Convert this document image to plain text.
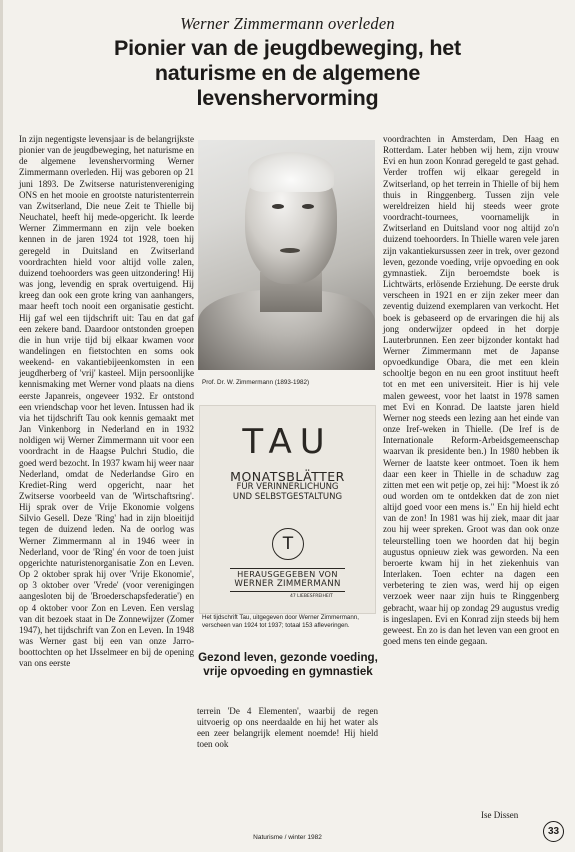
Werner Zimmermann overleden
Pionier van de jeugdbeweging, het
naturisme en de algemene
levenshervorming

In zijn negentigste levensjaar is de belangrijkste pionier van de jeugdbeweging, het naturisme en de algemene levenshervorming Werner Zimmermann overleden. Hij was geboren op 21 juni 1893. De Zwitserse naturistenvereniging ONS en het mooie en grootste naturistenterrein van Zwitserland, Die neue Zeit te Thielle bij Neuchatel, heeft hij mede-opgericht. Ik leerde Werner Zimmermann en zijn vele boeken kennen in de jaren 1924 tot 1928, toen hij geregeld in Duitsland en Zwitserland voordrachten hield voor altijd volle zalen, duizend toehoorders was geen uitzondering! Hij was jong, levendig en sprak overtuigend. Hij kreeg dan ook een grote kring van aanhangers, maar heeft toch nooit een organisatie gesticht. Hij gaf wel een tijdschrift uit: Tau en dat gaf een zekere band. Daardoor ontstonden groepen die in hun vrije tijd bij elkaar kwamen voor wandelingen en fietstochten en soms ook weekend- en vakantiebijeenkomsten in een jeugdherberg of 'vrij' kasteel. Mijn persoonlijke kennismaking met Werner vond plaats na diens eerste Japanreis, ongeveer 1932. Er ontstond een vriendschap voor het leven. Intussen had ik via het tijdschrift Tau ook kennis gemaakt met Jan Vinkenborg in Nederland en in 1932 noldigen wij Werner Zimmermann uit voor een voordracht in de Haagse Pulchri Studio, die goed werd bezocht. In 1937 kwam hij weer naar Nederland, omdat de Nederlandse Giro en Krediet-Ring werd opgericht, naar het Zwitserse voorbeeld van de 'Wirtschaftsring'. Hij sprak over de Vrije Ekonomie volgens Silvio Gesell. Deze 'Ring' had in zijn bloeitijd tegen de duizend leden. Na de oorlog was Werner Zimmermann al in 1946 weer in Nederland, voor de 'Ring' én voor de toen juist opgerichte naturistenorganisatie Zon en Leven. Op 2 oktober sprak hij over 'Vrije Ekonomie', op 3 oktober over 'Vrede' (voor verenigingen aangesloten bij de 'Broederschapsfederatie') en op 4 oktober voor Zon en Leven. Een verslag van dit bezoek staat in De Zonnewijzer (Zomer 1947), het tijdschrift van Zon en Leven. In 1948 was Werner gast bij een van onze Jarro-boottochten op het IJsselmeer en bij de opening van ons eerste

Prof. Dr. W. Zimmermann (1893-1982)
TAU
MONATSBLÄTTER
FÜR VERINNERLICHUNG
UND SELBSTGESTALTUNG
T
HERAUSGEGEBEN VON
WERNER ZIMMERMANN
47 LIEBESFREIHEIT
Het tijdschrift Tau, uitgegeven door Werner Zimmermann, verscheen van 1924 tot 1937; totaal 153 afleveringen.
Gezond leven, gezonde voeding, vrije opvoeding en gymnastiek
terrein 'De 4 Elementen', waarbij de regen uitvoerig op ons neerdaalde en hij het water als een zeer belangrijk element noemde! Hij hield toen ook

voordrachten in Amsterdam, Den Haag en Rotterdam. Later hebben wij hem, zijn vrouw Evi en hun zoon Konrad geregeld te gast gehad. Verder troffen wij elkaar geregeld in Zwitserland, op het terrein in Thielle of bij hem thuis in Ringgenberg. Tussen zijn vele wereldreizen hield hij steeds weer grote voordracht-tournees, voornamelijk in Zwitserland en Duitsland voor nog altijd zo'n duizend toehoorders. In Thielle waren vele jaren zijn vakantiekursussen zeer in trek, over gezond leven, gezonde voeding, vrije opvoeding en ook gymnastiek. Zijn beroemdste boek is Lichtwärts, erlösende Erziehung. De eerste druk verscheen in 1921 en er zijn zeker meer dan zeventig duizend exemplaren van verkocht. Het boek is gebaseerd op de ervaringen die hij als jong onderwijzer opdeed in het dorpje Lauterbrunnen. Een zeer bijzonder kontakt had Werner Zimmermann met de Japanse opvoedkundige Obara, die met een klein schooltje begon en nu een groot instituut heeft tot en met een universiteit. Hier is hij vele malen geweest, voor het laatst in 1978 samen met Evi en Konrad. De laatste jaren hield Werner nog steeds een lezing aan het einde van onze Iref-weken in Thielle. (De Iref is de Internationale Reform-Arbeidsgemeenschap waarvan ik presidente ben.) In 1980 hebben ik Werner de laatste keer ontmoet. Toen ik hem daar een keer in Thielle in de schaduw zag zitten met een wit petje op, zei hij: "Moest ik zó oud worden om te ontdekken dat de zon niet altijd goed voor een mens is." En hij hield echt van de zon! In 1981 was hij ziek, maar dit jaar zou hij weer spreken. Groot was dan ook onze teleurstelling toen we hoorden dat hij begin augustus opnieuw ziek was geworden. Na een beroerte kwam hij in het ziekenhuis van Interlaken. Toen echter na dagen een verbetering te zien was, werd hij op eigen verzoek weer naar zijn huis te Ringgenberg gebracht, waar hij op zondag 29 augustus vredig is ingeslapen. Evi en Konrad zijn steeds bij hem geweest. En zo is dan het leven van een groot en goed mens ten einde gegaan.

Ise Dissen
Naturisme / winter 1982
33
